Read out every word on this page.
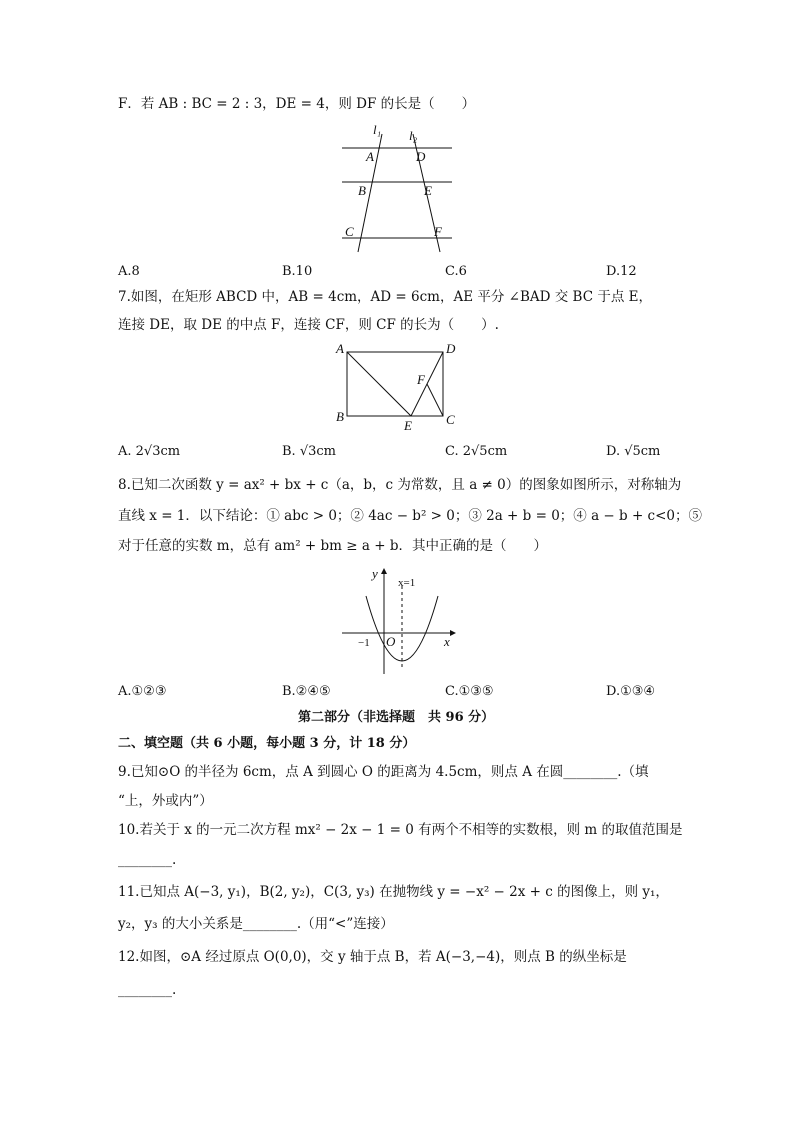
F．若 AB : BC = 2 : 3，DE = 4，则 DF 的长是（　　）
l₁ l₂
A	D
B	E
C	F
A.8	B.10	C.6	D.12
7.如图，在矩形 ABCD 中，AB = 4cm，AD = 6cm，AE 平分 ∠BAD 交 BC 于点 E，
连接 DE，取 DE 的中点 F，连接 CF，则 CF 的长为（　　）.
A	D
B	C
E
F
A. 2√3cm	B. √3cm	C. 2√5cm	D. √5cm
8.已知二次函数 y = ax² + bx + c（a，b，c 为常数，且 a ≠ 0）的图象如图所示，对称轴为
直线 x = 1．以下结论：① abc > 0；② 4ac − b² > 0；③ 2a + b = 0；④ a − b + c<0；⑤
对于任意的实数 m，总有 am² + bm ≥ a + b．其中正确的是（　　）
y
x=1
x
−1 O
A.①②③	B.②④⑤	C.①③⑤	D.①③④
第二部分（非选择题　共 96 分）
二、填空题（共 6 小题，每小题 3 分，计 18 分）
9.已知⊙O 的半径为 6cm，点 A 到圆心 O 的距离为 4.5cm，则点 A 在圆________.（填
“上，外或内”）
10.若关于 x 的一元二次方程 mx² − 2x − 1 = 0 有两个不相等的实数根，则 m 的取值范围是
________.
11.已知点 A(−3, y₁)，B(2, y₂)，C(3, y₃) 在抛物线 y = −x² − 2x + c 的图像上，则 y₁，
y₂，y₃ 的大小关系是________.（用“<”连接）
12.如图，⊙A 经过原点 O(0,0)，交 y 轴于点 B，若 A(−3,−4)，则点 B 的纵坐标是
________.
